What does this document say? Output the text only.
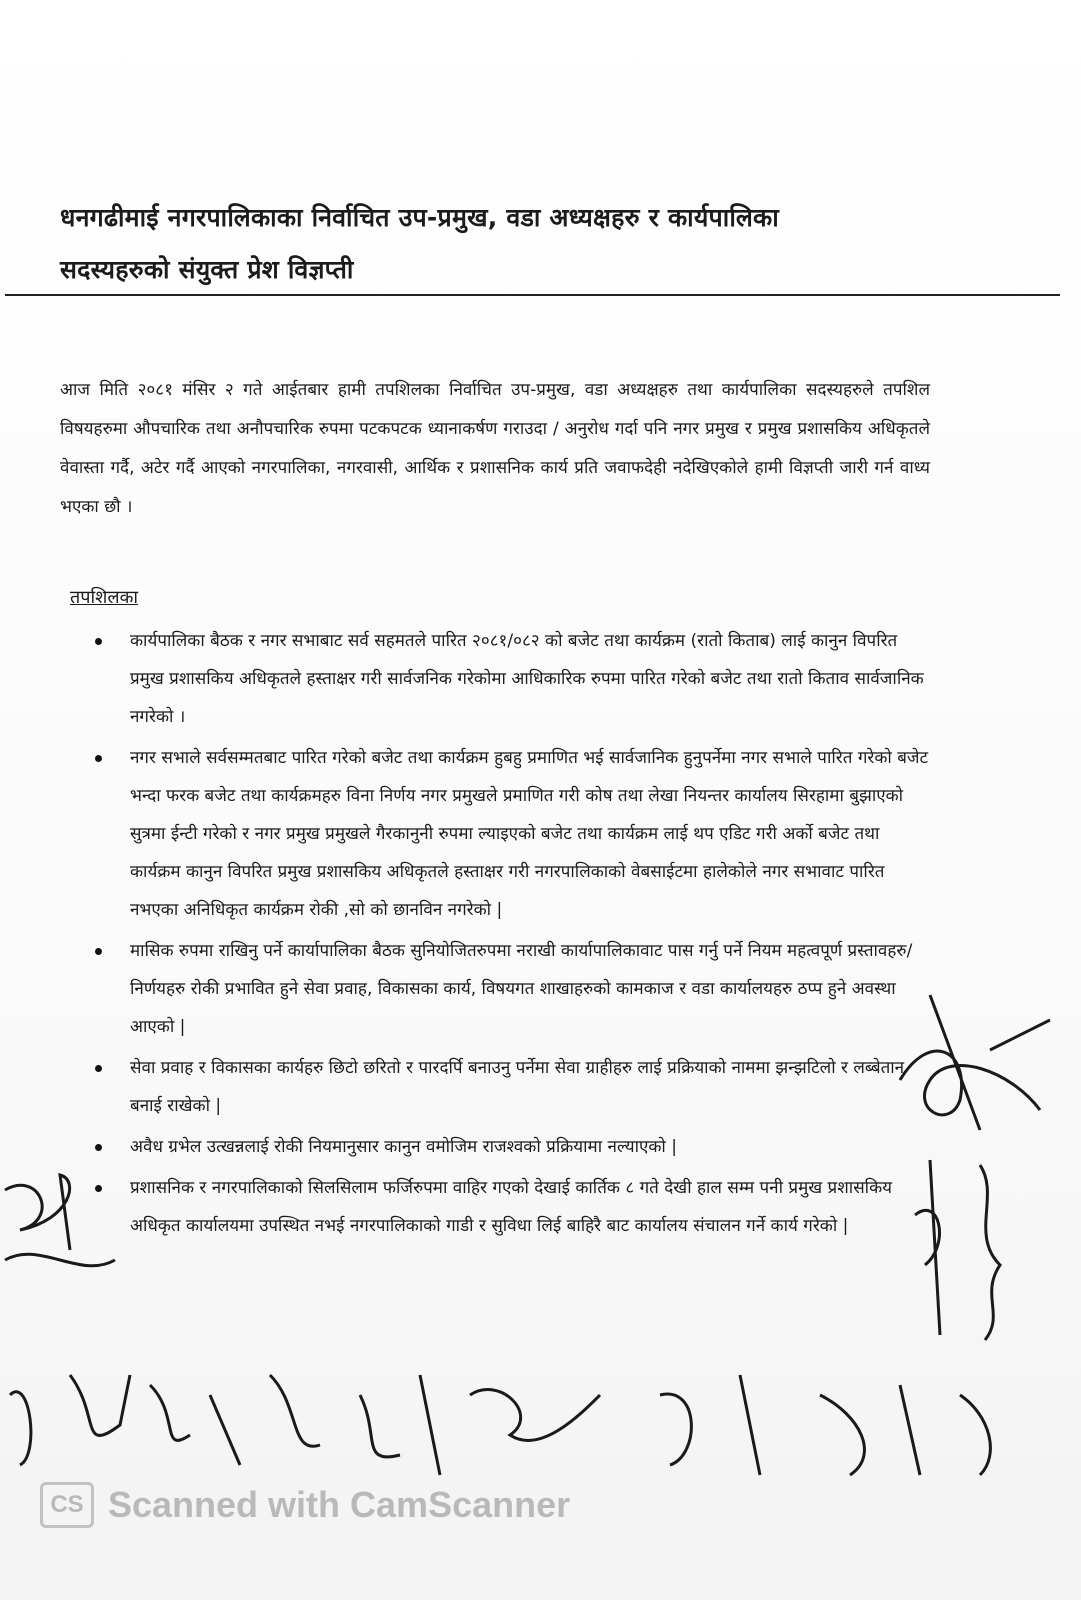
धनगढीमाई नगरपालिकाका निर्वाचित उप-प्रमुख, वडा अध्यक्षहरु र कार्यपालिका
सदस्यहरुको संयुक्त प्रेश विज्ञप्ती

आज मिति २०८१ मंसिर २ गते आईतबार हामी तपशिलका निर्वाचित उप-प्रमुख, वडा अध्यक्षहरु तथा कार्यपालिका सदस्यहरुले तपशिल विषयहरुमा औपचारिक तथा अनौपचारिक रुपमा पटकपटक ध्यानाकर्षण गराउदा / अनुरोध गर्दा पनि नगर प्रमुख र प्रमुख प्रशासकिय अधिकृतले वेवास्ता गर्दै, अटेर गर्दै आएको नगरपालिका, नगरवासी, आर्थिक र प्रशासनिक कार्य प्रति जवाफदेही नदेखिएकोले हामी विज्ञप्ती जारी गर्न वाध्य भएका छौ ।

तपशिलका
कार्यपालिका बैठक र नगर सभाबाट सर्व सहमतले पारित २०८१/०८२ को बजेट तथा कार्यक्रम (रातो किताब) लाई कानुन विपरित प्रमुख प्रशासकिय अधिकृतले हस्ताक्षर गरी सार्वजनिक गरेकोमा आधिकारिक रुपमा पारित गरेको बजेट तथा रातो किताव सार्वजानिक नगरेको ।
नगर सभाले सर्वसम्मतबाट पारित गरेको बजेट तथा कार्यक्रम हुबहु प्रमाणित भई सार्वजानिक हुनुपर्नेमा नगर सभाले पारित गरेको बजेट भन्दा फरक बजेट तथा कार्यक्रमहरु विना निर्णय नगर प्रमुखले प्रमाणित गरी कोष तथा लेखा नियन्तर कार्यालय सिरहामा बुझाएको सुत्रमा ईन्टी गरेको र नगर प्रमुख प्रमुखले गैरकानुनी रुपमा ल्याइएको बजेट तथा कार्यक्रम लाई थप एडिट गरी अर्को बजेट तथा कार्यक्रम कानुन विपरित प्रमुख प्रशासकिय अधिकृतले हस्ताक्षर गरी नगरपालिकाको वेबसाईटमा हालेकोले नगर सभावाट पारित नभएका अनिधिकृत कार्यक्रम रोकी ,सो को छानविन नगरेको |
मासिक रुपमा राखिनु पर्ने कार्यापालिका बैठक सुनियोजितरुपमा नराखी कार्यापालिकावाट पास गर्नु पर्ने नियम महत्वपूर्ण प्रस्तावहरु/ निर्णयहरु रोकी प्रभावित हुने सेवा प्रवाह, विकासका कार्य, विषयगत शाखाहरुको कामकाज र वडा कार्यालयहरु ठप्प हुने अवस्था आएको |
सेवा प्रवाह र विकासका कार्यहरु छिटो छरितो र पारदर्पि बनाउनु पर्नेमा सेवा ग्राहीहरु लाई प्रक्रियाको नाममा झन्झटिलो र लब्बेतान बनाई राखेको |
अवैध ग्रभेल उत्खन्नलाई रोकी नियमानुसार कानुन वमोजिम राजश्वको प्रक्रियामा नल्याएको |
प्रशासनिक र नगरपालिकाको सिलसिलाम फर्जिरुपमा वाहिर गएको देखाई कार्तिक ८ गते देखी हाल सम्म पनी प्रमुख प्रशासकिय अधिकृत कार्यालयमा उपस्थित नभई नगरपालिकाको गाडी र सुविधा लिई बाहिरै बाट कार्यालय संचालन गर्ने कार्य गरेको |
CS Scanned with CamScanner
